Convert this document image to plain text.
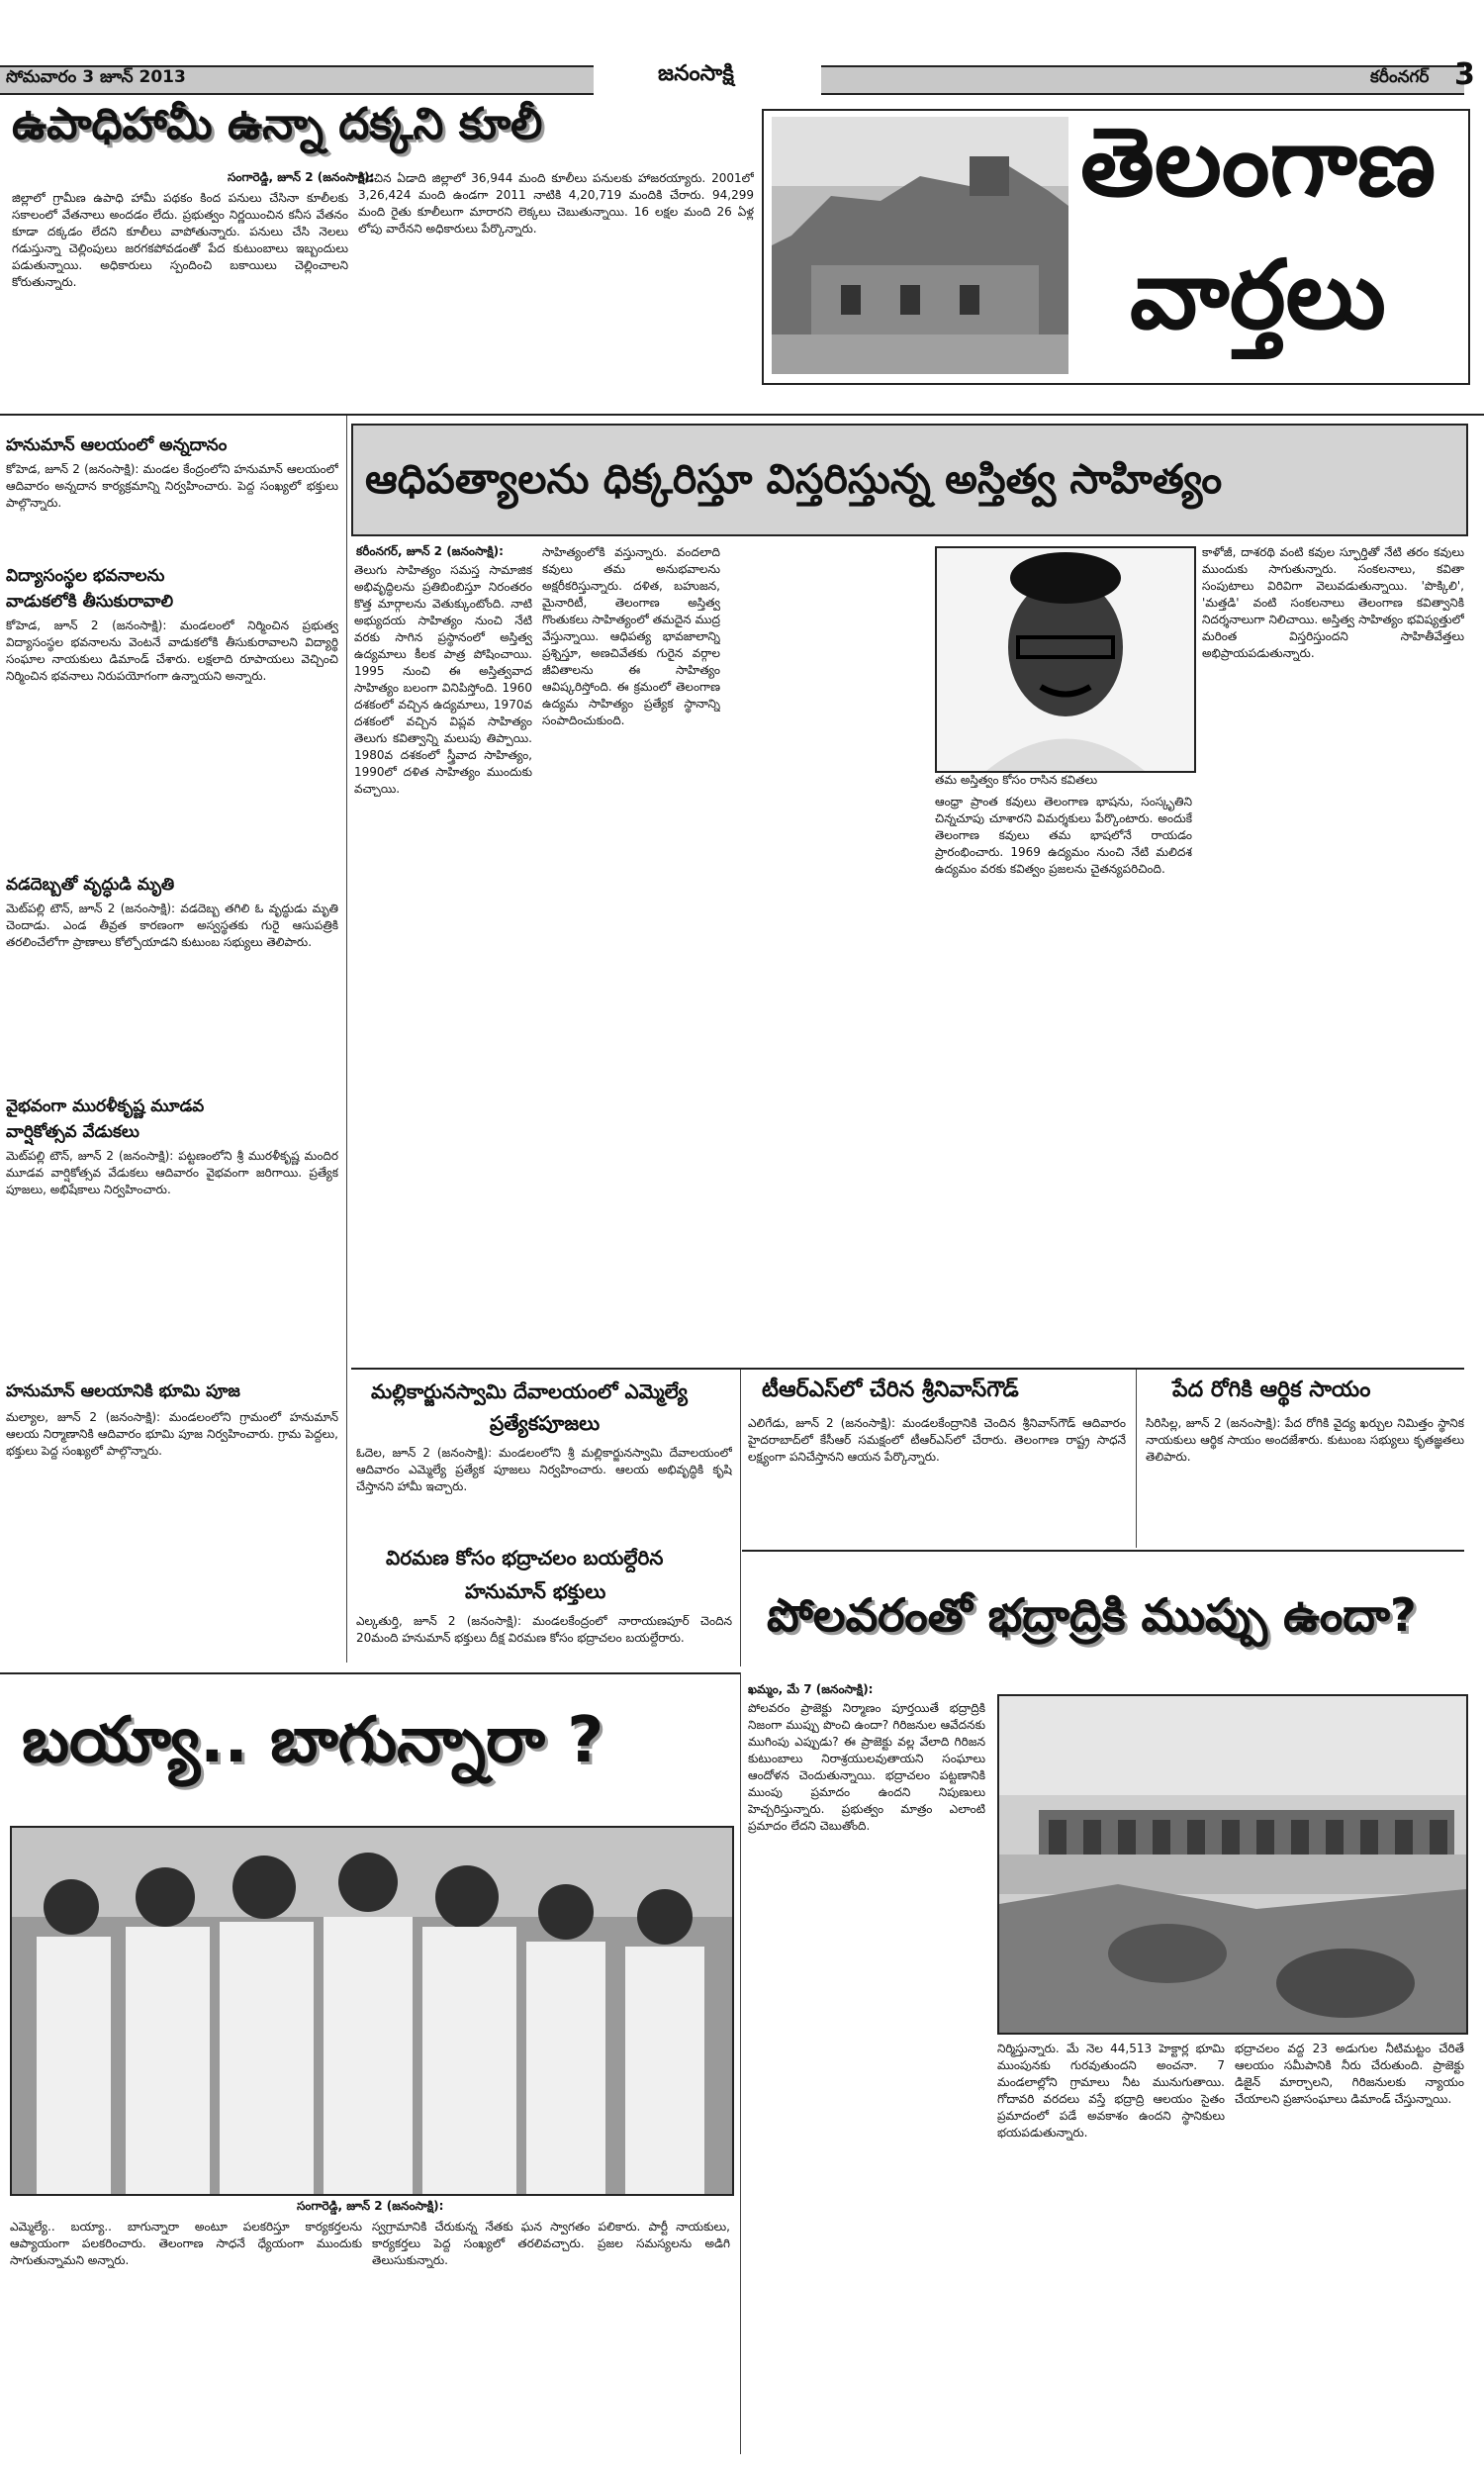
సోమవారం 3 జూన్ 2013	జనంసాక్షి	కరీంనగర్ 3
ఉపాధిహామీ ఉన్నా దక్కని కూలీ
సంగారెడ్డి, జూన్ 2 (జనంసాక్షి):
జిల్లాలో గ్రామీణ ఉపాధి హామీ పథకం కింద పనులు చేసినా కూలీలకు సకాలంలో వేతనాలు అందడం లేదు. ప్రభుత్వం నిర్ణయించిన కనీస వేతనం కూడా దక్కడం లేదని కూలీలు వాపోతున్నారు. పనులు చేసి నెలలు గడుస్తున్నా చెల్లింపులు జరగకపోవడంతో పేద కుటుంబాలు ఇబ్బందులు పడుతున్నాయి. అధికారులు స్పందించి బకాయిలు చెల్లించాలని కోరుతున్నారు.
గడచిన ఏడాది జిల్లాలో 36,944 మంది కూలీలు పనులకు హాజరయ్యారు. 2001లో 3,26,424 మంది ఉండగా 2011 నాటికి 4,20,719 మందికి చేరారు. 94,299 మంది రైతు కూలీలుగా మారారని లెక్కలు చెబుతున్నాయి. 16 లక్షల మంది 26 ఏళ్ల లోపు వారేనని అధికారులు పేర్కొన్నారు.
తెలంగాణ
వార్తలు
హనుమాన్ ఆలయంలో అన్నదానం
కోహెడ, జూన్ 2 (జనంసాక్షి): మండల కేంద్రంలోని హనుమాన్ ఆలయంలో ఆదివారం అన్నదాన కార్యక్రమాన్ని నిర్వహించారు. పెద్ద సంఖ్యలో భక్తులు పాల్గొన్నారు.
విద్యాసంస్థల భవనాలను
వాడుకలోకి తీసుకురావాలి
కోహెడ, జూన్ 2 (జనంసాక్షి): మండలంలో నిర్మించిన ప్రభుత్వ విద్యాసంస్థల భవనాలను వెంటనే వాడుకలోకి తీసుకురావాలని విద్యార్థి సంఘాల నాయకులు డిమాండ్ చేశారు. లక్షలాది రూపాయలు వెచ్చించి నిర్మించిన భవనాలు నిరుపయోగంగా ఉన్నాయని అన్నారు.
వడదెబ్బతో వృద్ధుడి మృతి
మెట్‌పల్లి టౌన్, జూన్ 2 (జనంసాక్షి): వడదెబ్బ తగిలి ఓ వృద్ధుడు మృతి చెందాడు. ఎండ తీవ్రత కారణంగా అస్వస్థతకు గురై ఆసుపత్రికి తరలించేలోగా ప్రాణాలు కోల్పోయాడని కుటుంబ సభ్యులు తెలిపారు.
వైభవంగా మురళీకృష్ణ మూడవ
వార్షికోత్సవ వేడుకలు
మెట్‌పల్లి టౌన్, జూన్ 2 (జనంసాక్షి): పట్టణంలోని శ్రీ మురళీకృష్ణ మందిర మూడవ వార్షికోత్సవ వేడుకలు ఆదివారం వైభవంగా జరిగాయి. ప్రత్యేక పూజలు, అభిషేకాలు నిర్వహించారు.
హనుమాన్ ఆలయానికి భూమి పూజ
మల్యాల, జూన్ 2 (జనంసాక్షి): మండలంలోని గ్రామంలో హనుమాన్ ఆలయ నిర్మాణానికి ఆదివారం భూమి పూజ నిర్వహించారు. గ్రామ పెద్దలు, భక్తులు పెద్ద సంఖ్యలో పాల్గొన్నారు.
ఆధిపత్యాలను ధిక్కరిస్తూ విస్తరిస్తున్న అస్తిత్వ సాహిత్యం
కరీంనగర్, జూన్ 2 (జనంసాక్షి):
తెలుగు సాహిత్యం సమస్త సామాజిక అభివృద్ధిలను ప్రతిబింబిస్తూ నిరంతరం కొత్త మార్గాలను వెతుక్కుంటోంది. నాటి అభ్యుదయ సాహిత్యం నుంచి నేటి వరకు సాగిన ప్రస్థానంలో అస్తిత్వ ఉద్యమాలు కీలక పాత్ర పోషించాయి. 1995 నుంచి ఈ అస్తిత్వవాద సాహిత్యం బలంగా వినిపిస్తోంది. 1960 దశకంలో వచ్చిన ఉద్యమాలు, 1970వ దశకంలో వచ్చిన విప్లవ సాహిత్యం తెలుగు కవిత్వాన్ని మలుపు తిప్పాయి. 1980వ దశకంలో స్త్రీవాద సాహిత్యం, 1990లో దళిత సాహిత్యం ముందుకు వచ్చాయి.
సాహిత్యంలోకి వస్తున్నారు. వందలాది కవులు తమ అనుభవాలను అక్షరీకరిస్తున్నారు. దళిత, బహుజన, మైనారిటీ, తెలంగాణ అస్తిత్వ గొంతుకలు సాహిత్యంలో తమదైన ముద్ర వేస్తున్నాయి. ఆధిపత్య భావజాలాన్ని ప్రశ్నిస్తూ, అణచివేతకు గురైన వర్గాల జీవితాలను ఈ సాహిత్యం ఆవిష్కరిస్తోంది. ఈ క్రమంలో తెలంగాణ ఉద్యమ సాహిత్యం ప్రత్యేక స్థానాన్ని సంపాదించుకుంది.
తమ అస్తిత్వం కోసం రాసిన కవితలు
ఆంధ్రా ప్రాంత కవులు తెలంగాణ భాషను, సంస్కృతిని చిన్నచూపు చూశారని విమర్శకులు పేర్కొంటారు. అందుకే తెలంగాణ కవులు తమ భాషలోనే రాయడం ప్రారంభించారు. 1969 ఉద్యమం నుంచి నేటి మలిదశ ఉద్యమం వరకు కవిత్వం ప్రజలను చైతన్యపరిచింది.
కాళోజీ, దాశరథి వంటి కవుల స్ఫూర్తితో నేటి తరం కవులు ముందుకు సాగుతున్నారు. సంకలనాలు, కవితా సంపుటాలు విరివిగా వెలువడుతున్నాయి. 'పొక్కిలి', 'మత్తడి' వంటి సంకలనాలు తెలంగాణ కవిత్వానికి నిదర్శనాలుగా నిలిచాయి. అస్తిత్వ సాహిత్యం భవిష్యత్తులో మరింత విస్తరిస్తుందని సాహితీవేత్తలు అభిప్రాయపడుతున్నారు.
మల్లికార్జునస్వామి దేవాలయంలో ఎమ్మెల్యే
ప్రత్యేకపూజలు
ఓదెల, జూన్ 2 (జనంసాక్షి): మండలంలోని శ్రీ మల్లికార్జునస్వామి దేవాలయంలో ఆదివారం ఎమ్మెల్యే ప్రత్యేక పూజలు నిర్వహించారు. ఆలయ అభివృద్ధికి కృషి చేస్తానని హామీ ఇచ్చారు.
విరమణ కోసం భద్రాచలం బయల్దేరిన
హనుమాన్ భక్తులు
ఎల్కతుర్తి, జూన్ 2 (జనంసాక్షి): మండలకేంద్రంలో నారాయణపూర్ చెందిన 20మంది హనుమాన్ భక్తులు దీక్ష విరమణ కోసం భద్రాచలం బయల్దేరారు.
టీఆర్ఎస్‌లో చేరిన శ్రీనివాస్‌గౌడ్
ఎలిగేడు, జూన్ 2 (జనంసాక్షి): మండలకేంద్రానికి చెందిన శ్రీనివాస్‌గౌడ్ ఆదివారం హైదరాబాద్‌లో కేసీఆర్ సమక్షంలో టీఆర్ఎస్‌లో చేరారు. తెలంగాణ రాష్ట్ర సాధనే లక్ష్యంగా పనిచేస్తానని ఆయన పేర్కొన్నారు.
పేద రోగికి ఆర్థిక సాయం
సిరిసిల్ల, జూన్ 2 (జనంసాక్షి): పేద రోగికి వైద్య ఖర్చుల నిమిత్తం స్థానిక నాయకులు ఆర్థిక సాయం అందజేశారు. కుటుంబ సభ్యులు కృతజ్ఞతలు తెలిపారు.
పోలవరంతో భద్రాద్రికి ముప్పు ఉందా?
ఖమ్మం, మే 7 (జనంసాక్షి):
పోలవరం ప్రాజెక్టు నిర్మాణం పూర్తయితే భద్రాద్రికి నిజంగా ముప్పు పొంచి ఉందా? గిరిజనుల ఆవేదనకు ముగింపు ఎప్పుడు? ఈ ప్రాజెక్టు వల్ల వేలాది గిరిజన కుటుంబాలు నిరాశ్రయులవుతాయని సంఘాలు ఆందోళన చెందుతున్నాయి. భద్రాచలం పట్టణానికి ముంపు ప్రమాదం ఉందని నిపుణులు హెచ్చరిస్తున్నారు. ప్రభుత్వం మాత్రం ఎలాంటి ప్రమాదం లేదని చెబుతోంది.
నిర్మిస్తున్నారు. మే నెల 44,513 హెక్టార్ల భూమి ముంపునకు గురవుతుందని అంచనా. 7 మండలాల్లోని గ్రామాలు నీట మునుగుతాయి. గోదావరి వరదలు వస్తే భద్రాద్రి ఆలయం సైతం ప్రమాదంలో పడే అవకాశం ఉందని స్థానికులు భయపడుతున్నారు.
భద్రాచలం వద్ద 23 అడుగుల నీటిమట్టం చేరితే ఆలయం సమీపానికి నీరు చేరుతుంది. ప్రాజెక్టు డిజైన్ మార్చాలని, గిరిజనులకు న్యాయం చేయాలని ప్రజాసంఘాలు డిమాండ్ చేస్తున్నాయి.
బయ్యా.. బాగున్నారా ?
సంగారెడ్డి, జూన్ 2 (జనంసాక్షి):
ఎమ్మెల్యే.. బయ్యా.. బాగున్నారా అంటూ పలకరిస్తూ కార్యకర్తలను ఆప్యాయంగా పలకరించారు. తెలంగాణ సాధనే ధ్యేయంగా ముందుకు సాగుతున్నామని అన్నారు.
స్వగ్రామానికి చేరుకున్న నేతకు ఘన స్వాగతం పలికారు. పార్టీ నాయకులు, కార్యకర్తలు పెద్ద సంఖ్యలో తరలివచ్చారు. ప్రజల సమస్యలను అడిగి తెలుసుకున్నారు.
